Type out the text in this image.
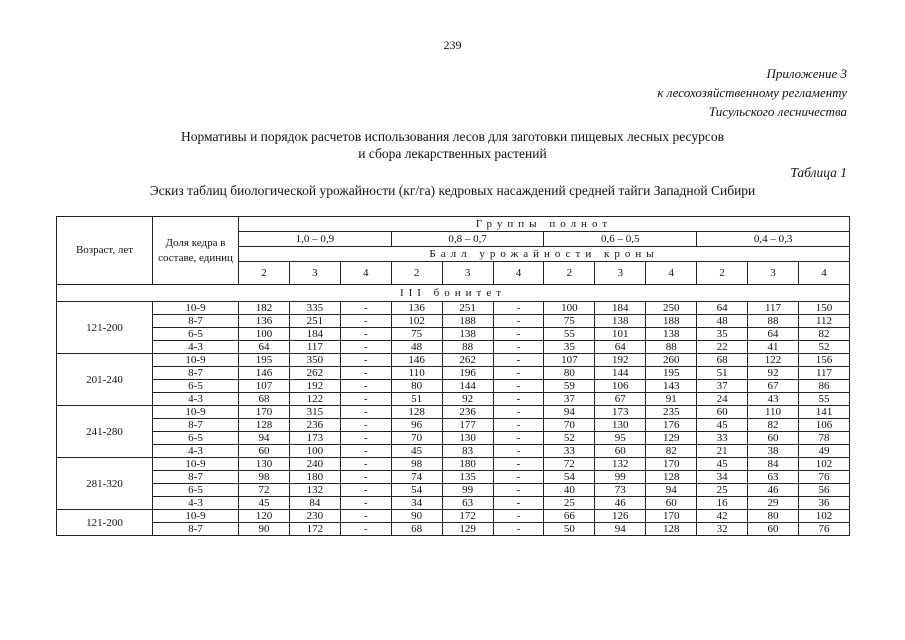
239
Приложение 3
к лесохозяйственному регламенту
Тисульского лесничества
Нормативы и порядок расчетов использования лесов для заготовки пищевых лесных ресурсов
и сбора лекарственных растений
Таблица 1
Эскиз таблиц биологической урожайности (кг/га) кедровых насаждений средней тайги Западной Сибири
Возраст, лет	Доля кедра в составе, единиц	Группы полнот											
		1,0 – 0,9			0,8 – 0,7			0,6 – 0,5			0,4 – 0,3		
		Балл урожайности кроны											
		2	3	4	2	3	4	2	3	4	2	3	4
III бонитет													
121-200	10-9	182	335	-	136	251	-	100	184	250	64	117	150
	8-7	136	251	-	102	188	-	75	138	188	48	88	112
	6-5	100	184	-	75	138	-	55	101	138	35	64	82
	4-3	64	117	-	48	88	-	35	64	88	22	41	52
201-240	10-9	195	350	-	146	262	-	107	192	260	68	122	156
	8-7	146	262	-	110	196	-	80	144	195	51	92	117
	6-5	107	192	-	80	144	-	59	106	143	37	67	86
	4-3	68	122	-	51	92	-	37	67	91	24	43	55
241-280	10-9	170	315	-	128	236	-	94	173	235	60	110	141
	8-7	128	236	-	96	177	-	70	130	176	45	82	106
	6-5	94	173	-	70	130	-	52	95	129	33	60	78
	4-3	60	100	-	45	83	-	33	60	82	21	38	49
281-320	10-9	130	240	-	98	180	-	72	132	170	45	84	102
	8-7	98	180	-	74	135	-	54	99	128	34	63	76
	6-5	72	132	-	54	99	-	40	73	94	25	46	56
	4-3	45	84	-	34	63	-	25	46	60	16	29	36
121-200	10-9	120	230	-	90	172	-	66	126	170	42	80	102
	8-7	90	172	-	68	129	-	50	94	128	32	60	76
